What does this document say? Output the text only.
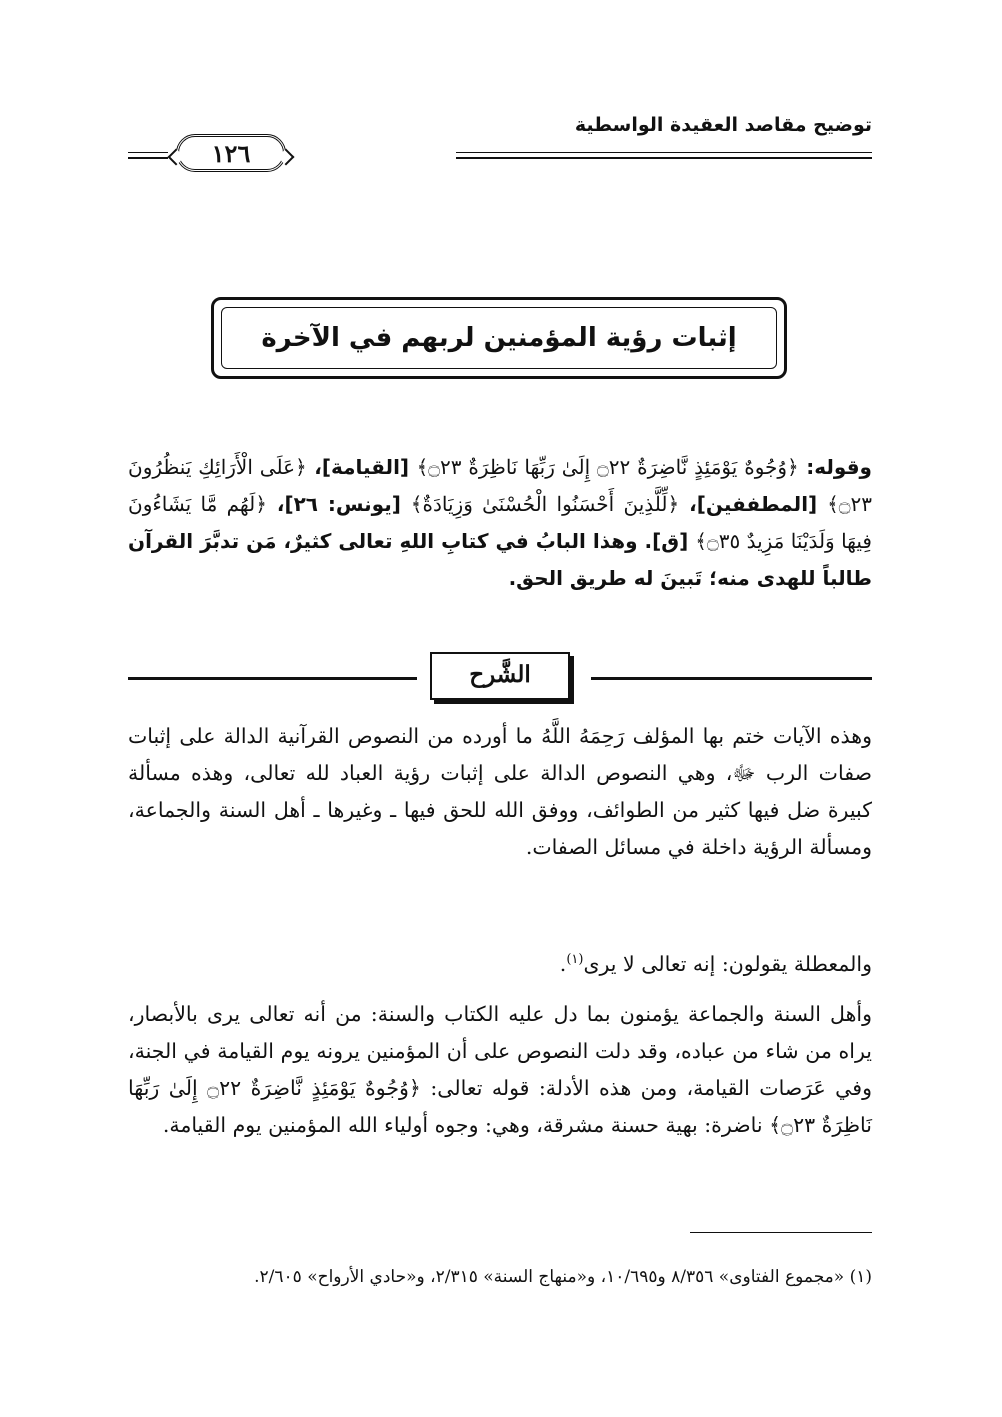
توضيح مقاصد العقيدة الواسطية
١٢٦
إثبات رؤية المؤمنين لربهم في الآخرة

وقوله: ﴿وُجُوهٌ يَوْمَئِذٍ نَّاضِرَةٌ ۝٢٢ إِلَىٰ رَبِّهَا نَاظِرَةٌ ۝٢٣﴾ [القيامة]، ﴿عَلَى الْأَرَائِكِ يَنظُرُونَ ۝٢٣﴾ [المطففين]، ﴿لِّلَّذِينَ أَحْسَنُوا الْحُسْنَىٰ وَزِيَادَةٌ﴾ [يونس: ٢٦]، ﴿لَهُم مَّا يَشَاءُونَ فِيهَا وَلَدَيْنَا مَزِيدٌ ۝٣٥﴾ [ق]. وهذا البابُ في كتابِ اللهِ تعالى كثيرٌ، مَن تدبَّرَ القرآن طالباً للهدى منه؛ تَبينَ له طريق الحق.

الشَّرح

وهذه الآيات ختم بها المؤلف رَحِمَهُ اللَّهُ ما أورده من النصوص القرآنية الدالة على إثبات صفات الرب ﷻ، وهي النصوص الدالة على إثبات رؤية العباد لله تعالى، وهذه مسألة كبيرة ضل فيها كثير من الطوائف، ووفق الله للحق فيها ـ وغيرها ـ أهل السنة والجماعة، ومسألة الرؤية داخلة في مسائل الصفات.

والمعطلة يقولون: إنه تعالى لا يرى$^{(١)}$.

وأهل السنة والجماعة يؤمنون بما دل عليه الكتاب والسنة: من أنه تعالى يرى بالأبصار، يراه من شاء من عباده، وقد دلت النصوص على أن المؤمنين يرونه يوم القيامة في الجنة، وفي عَرَصات القيامة، ومن هذه الأدلة: قوله تعالى: ﴿وُجُوهٌ يَوْمَئِذٍ نَّاضِرَةٌ ۝٢٢ إِلَىٰ رَبِّهَا نَاظِرَةٌ ۝٢٣﴾ ناضرة: بهية حسنة مشرقة، وهي: وجوه أولياء الله المؤمنين يوم القيامة.

(١) «مجموع الفتاوى» ٨/٣٥٦ و١٠/٦٩٥، و«منهاج السنة» ٢/٣١٥، و«حادي الأرواح» ٢/٦٠٥.
